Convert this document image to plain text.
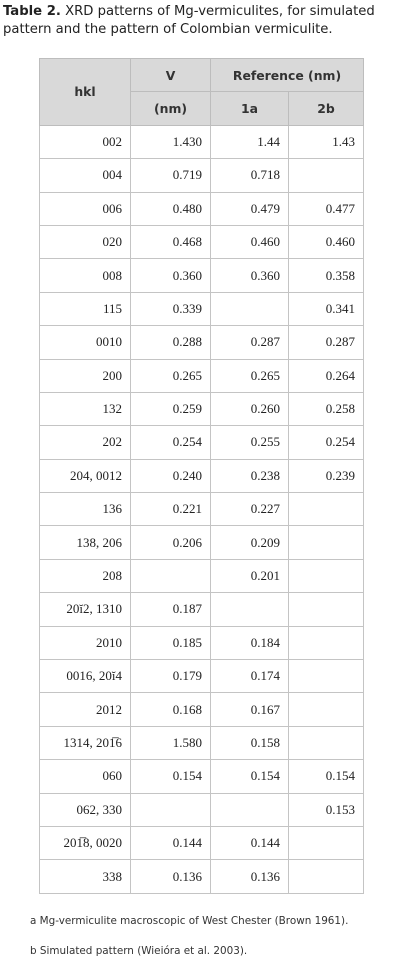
Table 2. XRD patterns of Mg-vermiculites, for simulated pattern and the pattern of Colombian vermiculite.
hkl	V	Reference (nm)	
	(nm)	1a	2b
002	1.430	1.44	1.43
004	0.719	0.718	
006	0.480	0.479	0.477
020	0.468	0.460	0.460
008	0.360	0.360	0.358
115	0.339		0.341
0010	0.288	0.287	0.287
200	0.265	0.265	0.264
132	0.259	0.260	0.258
202	0.254	0.255	0.254
204, 0012	0.240	0.238	0.239
136	0.221	0.227	
138, 206	0.206	0.209	
208		0.201	
20ĭ2, 1310	0.187		
2010	0.185	0.184	
0016, 20ĭ4	0.179	0.174	
2012	0.168	0.167	
1314, 201̅6	1.580	0.158	
060	0.154	0.154	0.154
062, 330			0.153
201̅8, 0020	0.144	0.144	
338	0.136	0.136	
a Mg-vermiculite macroscopic of West Chester (Brown 1961).
b Simulated pattern (Wieióra et al. 2003).
